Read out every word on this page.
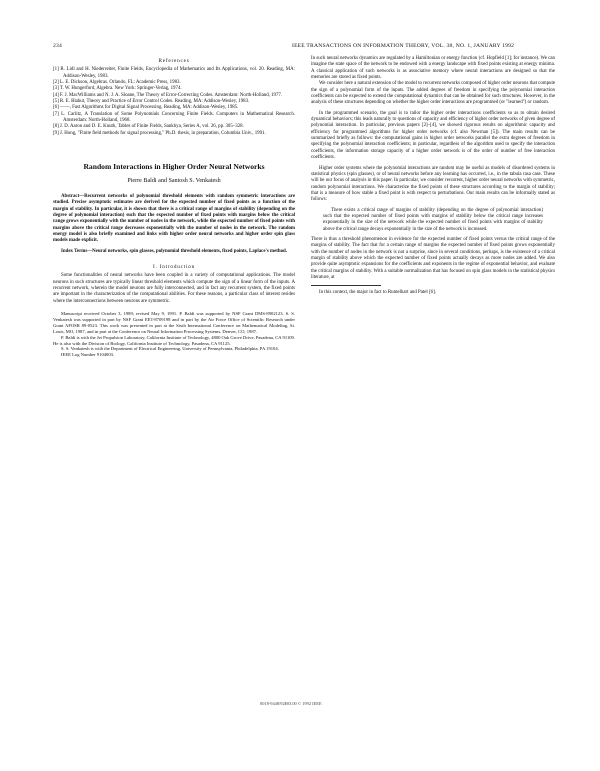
234	IEEE TRANSACTIONS ON INFORMATION THEORY, VOL. 38, NO. 1, JANUARY 1992
References

[1] R. Lidl and H. Niederreiter, Finite Fields, Encyclopedia of Mathematics and Its Applications, vol. 20. Reading, MA: Addison-Wesley, 1983.

[2] L. E. Dickson, Algebras. Orlando, FL: Academic Press, 1983.

[3] T. W. Hungerford, Algebra. New York: Springer-Verlag, 1974.

[4] F. J. MacWilliams and N. J. A. Sloane, The Theory of Error-Correcting Codes. Amsterdam: North-Holland, 1977.

[5] R. E. Blahut, Theory and Practice of Error Control Codes. Reading, MA: Addison-Wesley, 1983.

[6] ——, Fast Algorithms for Digital Signal Processing. Reading, MA: Addison-Wesley, 1985.

[7] L. Carlitz, A Translation of Some Polynomials Concerning Finite Fields. Computers in Mathematical Research. Amsterdam: North-Holland, 1968.

[8] J. D. Aaron and D. E. Knuth, Tables of Finite Fields, Sankhya, Series A, vol. 26, pp. 305–328.

[9] J. Hong, "Finite field methods for signal processing," Ph.D. thesis, in preparation, Columbia Univ., 1991.

Random Interactions in Higher Order Neural Networks
Pierre Baldi and Santosh S. Venkatesh

Abstract—Recurrent networks of polynomial threshold elements with random symmetric interactions are studied. Precise asymptotic estimates are derived for the expected number of fixed points as a function of the margin of stability. In particular, it is shown that there is a critical range of margins of stability (depending on the degree of polynomial interaction) such that the expected number of fixed points with margins below the critical range grows exponentially with the number of nodes in the network, while the expected number of fixed points with margins above the critical range decreases exponentially with the number of nodes in the network. The random energy model is also briefly examined and links with higher order neural networks and higher order spin glass models made explicit.

Index Terms—Neural networks, spin glasses, polynomial threshold elements, fixed points, Laplace's method.

I. Introduction

Some functionalities of neural networks have been coupled in a variety of computational applications. The model neurons in such structures are typically linear threshold elements which compute the sign of a linear form of the inputs. A recurrent network, wherein the model neurons are fully interconnected, and in fact any recurrent system, the fixed points are important in the characterization of the computational abilities. For these reasons, a particular class of interest resides where the interconnections between neurons are symmetric.

Manuscript received October 3, 1989; revised May 9, 1991. P. Baldi was supported by NSF Grant DMS-8902123. S. S. Venkatesh was supported in part by NSF Grant EET-8709198 and in part by the Air Force Office of Scientific Research under Grant AFOSR 89-0523. This work was presented in part at the Sixth International Conference on Mathematical Modeling, St. Louis, MO, 1987, and in part at the Conference on Neural Information Processing Systems, Denver, CO, 1987.

P. Baldi is with the Jet Propulsion Laboratory, California Institute of Technology, 4800 Oak Grove Drive, Pasadena, CA 91109. He is also with the Division of Biology, California Institute of Technology, Pasadena, CA 91125.

S. S. Venkatesh is with the Department of Electrical Engineering, University of Pennsylvania, Philadelphia, PA 19104.

IEEE Log Number 9104003.

In such neural networks dynamics are regulated by a Hamiltonian or energy function (cf. Hopfield [1]; for instance). We can imagine the state space of the network to be endowed with a energy landscape with fixed points existing at energy minima. A classical application of such networks is as associative memory where neural interactions are designed so that the memories are stored as fixed points.

We consider here a natural extension of the model to recurrent networks composed of higher order neurons that compute the sign of a polynomial form of the inputs. The added degrees of freedom in specifying the polynomial interaction coefficients can be expected to extend the computational dynamics that can be obtained for such structures. However, in the analysis of these structures depending on whether the higher order interactions are programmed (or "learned") or random.

In the programmed scenario, the goal is to tailor the higher order interactions coefficients so as to obtain desired dynamical behaviors; this leads naturally to questions of capacity and efficiency of higher order networks of given degree of polynomial interaction. In particular, previous papers [2]–[4], we showed rigorous results on algorithmic capacity and efficiency for programmed algorithms for higher order networks (cf. also Newman [5]). The main results can be summarized briefly as follows: the computational gains in higher order networks parallel the extra degrees of freedom in specifying the polynomial interaction coefficients; in particular, regardless of the algorithm used to specify the interaction coefficients, the information storage capacity of a higher order network is of the order of number of free interaction coefficients.

Higher order systems where the polynomial interactions are random may be useful as models of disordered systems in statistical physics (spin glasses), or of neural networks before any learning has occurred, i.e., in the tabula rasa case. These will be our focus of analysis in this paper. In particular, we consider recurrent, higher order neural networks with symmetric, random polynomial interactions. We characterize the fixed points of these structures according to the margin of stability; that is a measure of how stable a fixed point is with respect to perturbations. Our main results can be informally stated as follows:

There exists a critical range of margins of stability (depending on the degree of polynomial interaction) such that the expected number of fixed points with margins of stability below the critical range increases exponentially in the size of the network while the expected number of fixed points with margins of stability above the critical range decays exponentially in the size of the network is increased.

There is thus a threshold phenomenon in evidence for the expected number of fixed points versus the critical range of the margins of stability. The fact that for a certain range of margins the expected number of fixed points grows exponentially with the number of nodes in the network is not a surprise, since in several conditions, perhaps, is the existence of a critical margin of stability above which the expected number of fixed points actually decays as more nodes are added. We also provide quite asymptotic expansions for the coefficients and exponents in the regime of exponential behavior, and evaluate the critical margins of stability. With a suitable normalization that has focused on spin glass models in the statistical physics literature, at

In this context, the major in fact to Rumelhart and Patel [6].

0018-9448/92$03.00 © 1992 IEEE
